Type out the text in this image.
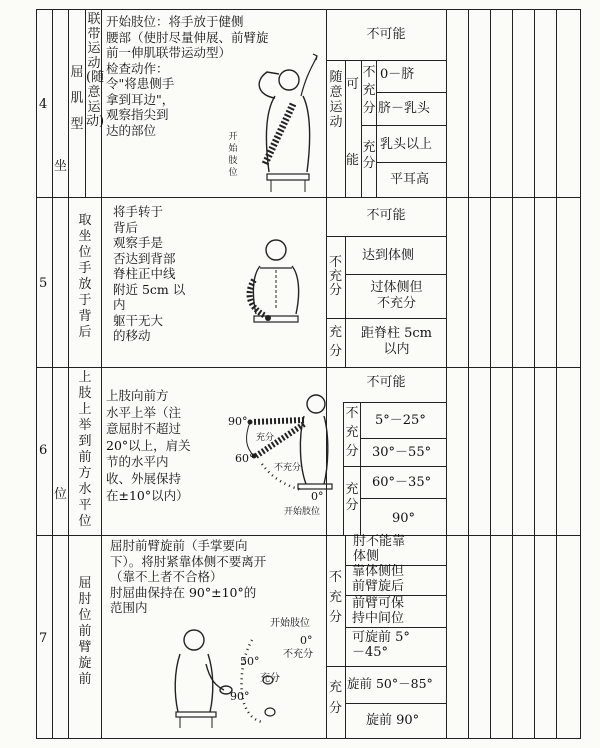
4
5
6
7
坐
位
屈肌型
联带运动(随意运动)
开始肢位：将手放于健侧
腰部（使肘尽量伸展、前臂旋
前一伸肌联带运动型）
检查动作：
令"将患侧手
拿到耳边"，
观察指尖到
达的部位	开始肢位
不可能
随意运动
可
能
不充分
充分
0－脐
脐－乳头
乳头以上
平耳高
取坐位手放于背后
将手转于
背后
观察手是
否达到背部
脊柱正中线
附近 5cm 以
内
躯干无大
的移动
不可能
不充分
充分
达到体侧
过体侧但
不充分
距脊柱 5cm
以内
上肢上举到前方水平位
上肢向前方
水平上举（注
意屈肘不超过
20°以上，肩关
节的水平内
收、外展保持
在±10°以内）
90°
充分
60°
不充分
0°
开始肢位
不可能
不充分
充分
5°－25°
30°－55°
60°－35°
90°
屈肘位前臂旋前
屈肘前臂旋前（手掌要向
下）。将肘紧靠体侧不要离开
（靠不上者不合格）
肘屈曲保持在 90°±10°的
范围内
开始肢位
0°
不充分
50°
充分
90°
不充分
充分
肘不能靠
体侧
靠体侧但
前臂旋后
前臂可保
持中间位
可旋前 5°
－45°
旋前 50°－85°
旋前 90°
